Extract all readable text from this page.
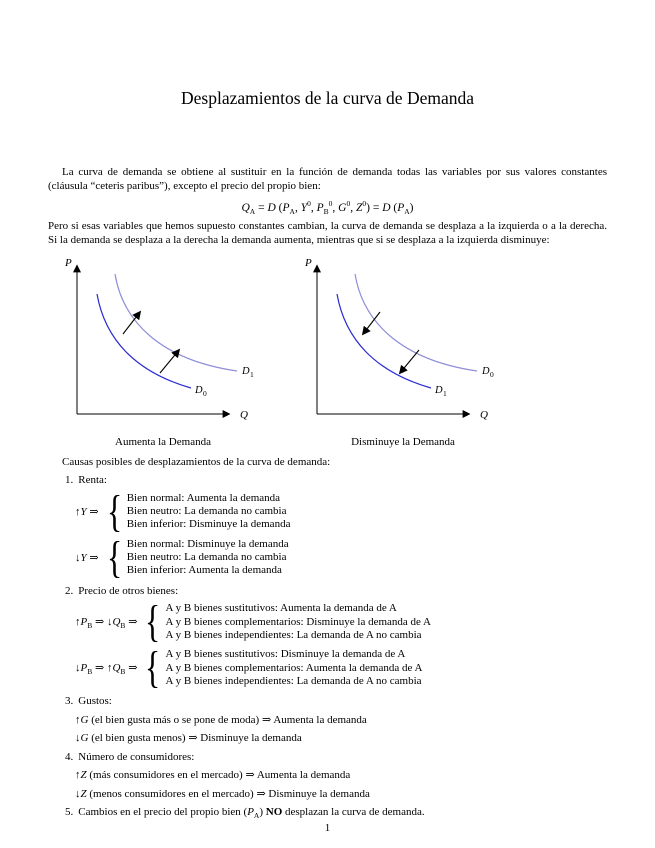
Desplazamientos de la curva de Demanda

La curva de demanda se obtiene al sustituir en la función de demanda todas las variables por sus valores constantes (cláusula “ceteris paribus”), excepto el precio del propio bien:

$Q_A = D$ ($P_A$, $Y^0$, $P_B^0$, $G^0$, $Z^0) = D$ $(P_A)$

Pero si esas variables que hemos supuesto constantes cambian, la curva de demanda se desplaza a la izquierda o a la derecha. Si la demanda se desplaza a la derecha la demanda aumenta, mientras que si se desplaza a la izquierda disminuye:

P
Q
D 0
D 1
P
Q
D 1
D 0
Aumenta la Demanda	Disminuye la Demanda

Causas posibles de desplazamientos de la curva de demanda:

1. Renta:
↑Y ⇒ { Bien normal: Aumenta la demanda
Bien neutro: La demanda no cambia
Bien inferior: Disminuye la demanda
↓Y ⇒ { Bien normal: Disminuye la demanda
Bien neutro: La demanda no cambia
Bien inferior: Aumenta la demanda
2. Precio de otros bienes:
$↑P_B$ ⇒ $↓Q_B$ ⇒ { A y B bienes sustitutivos: Aumenta la demanda de A
A y B bienes complementarios: Disminuye la demanda de A
A y B bienes independientes: La demanda de A no cambia
$↓P_B$ ⇒ $↑Q_B$ ⇒ { A y B bienes sustitutivos: Disminuye la demanda de A
A y B bienes complementarios: Aumenta la demanda de A
A y B bienes independientes: La demanda de A no cambia
3. Gustos:
↑G (el bien gusta más o se pone de moda) ⇒ Aumenta la demanda
↓G (el bien gusta menos) ⇒ Disminuye la demanda
4. Número de consumidores:
↑Z (más consumidores en el mercado) ⇒ Aumenta la demanda
↓Z (menos consumidores en el mercado) ⇒ Disminuye la demanda
5. Cambios en el precio del propio bien $(P_A)$ NO desplazan la curva de demanda.
1
